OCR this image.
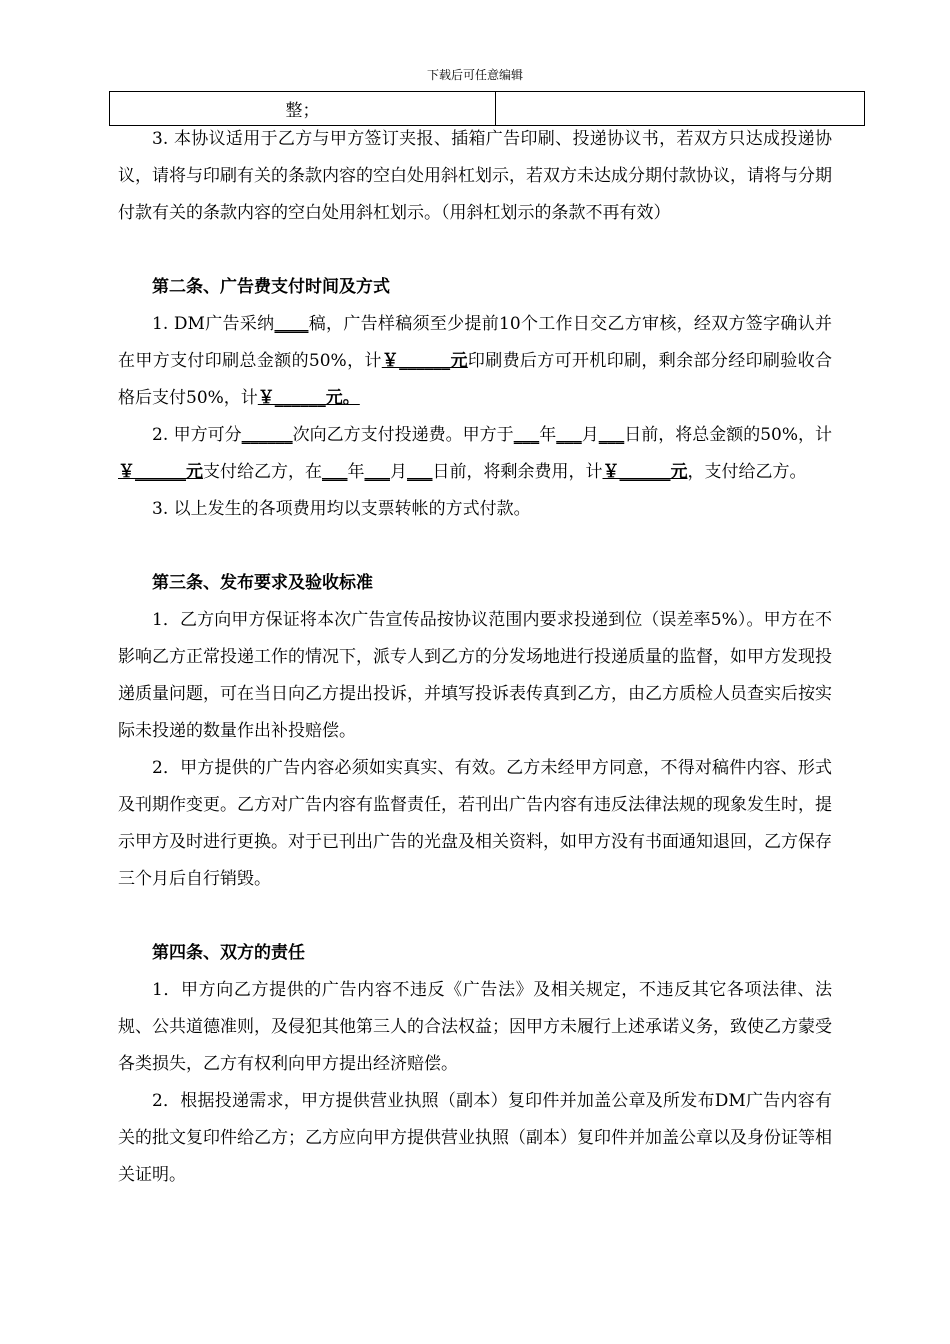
下载后可任意编辑
整；	

3. 本协议适用于乙方与甲方签订夹报、插箱广告印刷、投递协议书，若双方只达成投递协议，请将与印刷有关的条款内容的空白处用斜杠划示，若双方未达成分期付款协议，请将与分期付款有关的条款内容的空白处用斜杠划示。（用斜杠划示的条款不再有效）

第二条、广告费支付时间及方式

1. DM广告采纳____稿，广告样稿须至少提前10个工作日交乙方审核，经双方签字确认并在甲方支付印刷总金额的50%，计￥______元印刷费后方可开机印刷，剩余部分经印刷验收合格后支付50%，计￥______元。

2. 甲方可分______次向乙方支付投递费。甲方于___年___月___日前，将总金额的50%，计￥______元支付给乙方，在___年___月___日前，将剩余费用，计￥______元，支付给乙方。

3. 以上发生的各项费用均以支票转帐的方式付款。

第三条、发布要求及验收标准

1．乙方向甲方保证将本次广告宣传品按协议范围内要求投递到位（误差率5%）。甲方在不影响乙方正常投递工作的情况下，派专人到乙方的分发场地进行投递质量的监督，如甲方发现投递质量问题，可在当日向乙方提出投诉，并填写投诉表传真到乙方，由乙方质检人员查实后按实际未投递的数量作出补投赔偿。

2．甲方提供的广告内容必须如实真实、有效。乙方未经甲方同意，不得对稿件内容、形式及刊期作变更。乙方对广告内容有监督责任，若刊出广告内容有违反法律法规的现象发生时，提示甲方及时进行更换。对于已刊出广告的光盘及相关资料，如甲方没有书面通知退回，乙方保存三个月后自行销毁。

第四条、双方的责任

1．甲方向乙方提供的广告内容不违反《广告法》及相关规定，不违反其它各项法律、法规、公共道德准则，及侵犯其他第三人的合法权益；因甲方未履行上述承诺义务，致使乙方蒙受各类损失，乙方有权利向甲方提出经济赔偿。

2．根据投递需求，甲方提供营业执照（副本）复印件并加盖公章及所发布DM广告内容有关的批文复印件给乙方；乙方应向甲方提供营业执照（副本）复印件并加盖公章以及身份证等相关证明。
